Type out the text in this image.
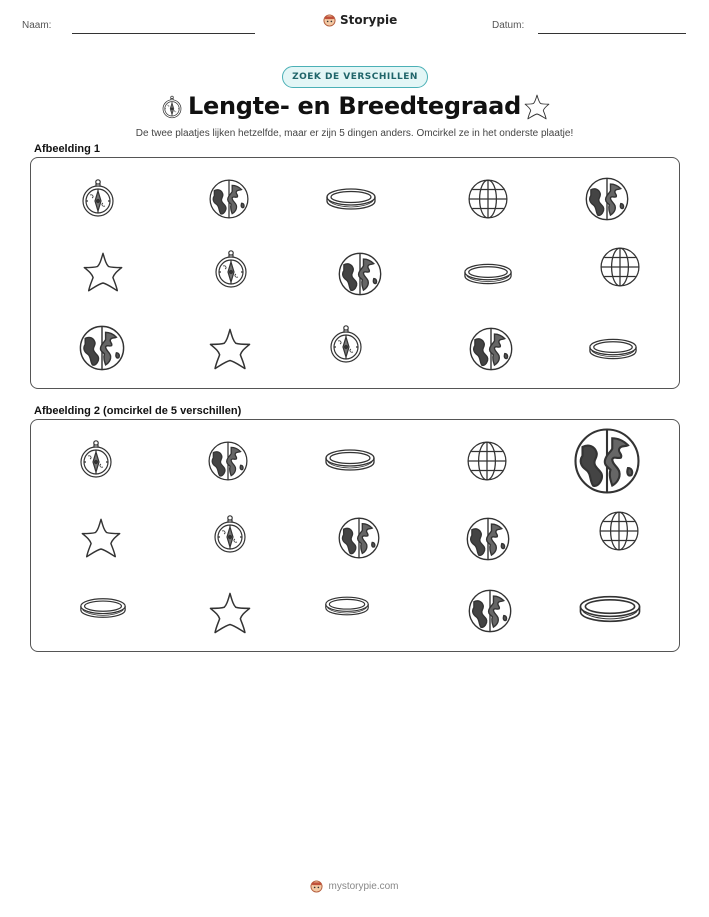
Naam:	Storypie	Datum:
ZOEK DE VERSCHILLEN
Lengte- en Breedtegraad
De twee plaatjes lijken hetzelfde, maar er zijn 5 dingen anders. Omcirkel ze in het onderste plaatje!
Afbeelding 1
Afbeelding 2 (omcirkel de 5 verschillen)
mystorypie.com
